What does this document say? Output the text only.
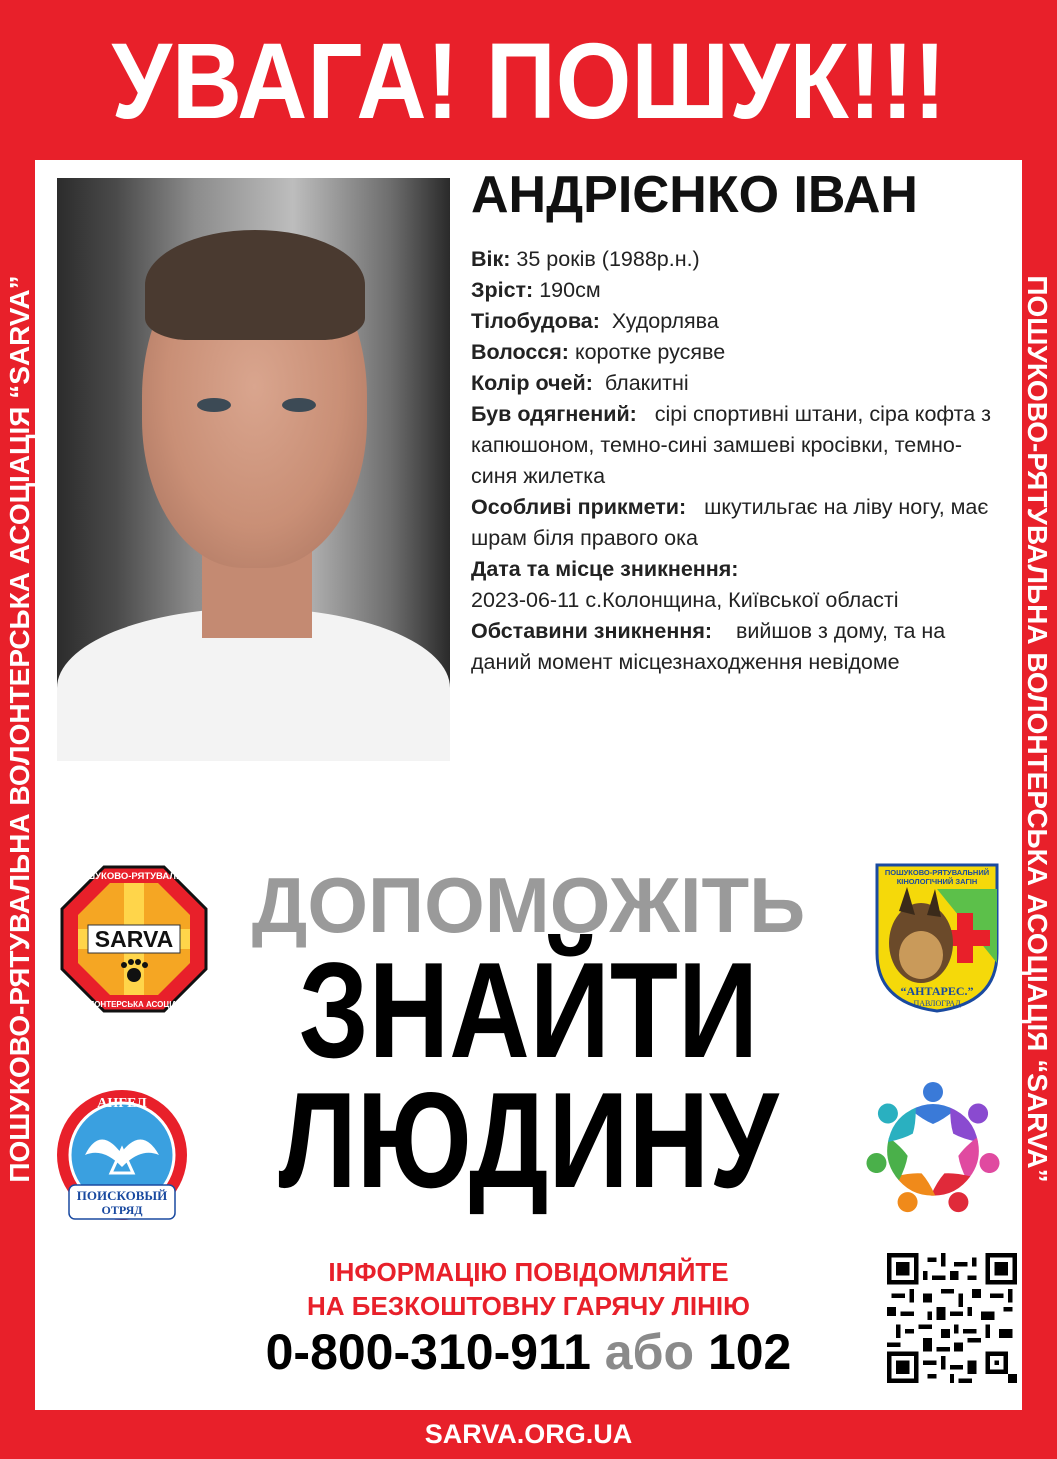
УВАГА! ПОШУК!!!
ПОШУКОВО-РЯТУВАЛЬНА ВОЛОНТЕРСЬКА АСОЦІАЦІЯ “SARVA”	ПОШУКОВО-РЯТУВАЛЬНА ВОЛОНТЕРСЬКА АСОЦІАЦІЯ “SARVA”
АНДРІЄНКО ІВАН

Вік: 35 років (1988р.н.)

Зріст: 190см

Тілобудова: Худорлява

Волосся: коротке русяве

Колір очей: блакитні

Був одягнений: сірі спортивні штани, сіра кофта з капюшоном, темно-сині замшеві кросівки, темно-синя жилетка

Особливі прикмети: шкутильгає на ліву ногу, має шрам біля правого ока

Дата та місце зникнення:
2023-06-11 с.Колонщина, Київської області

Обставини зникнення: вийшов з дому, та на даний момент місцезнаходження невідоме

ДОПОМОЖІТЬ
ЗНАЙТИ
ЛЮДИНУ
SARVA
ПОШУКОВО-РЯТУВАЛЬНА
ВОЛОНТЕРСЬКА АСОЦІАЦІЯ
ПОШУКОВО-РЯТУВАЛЬНИЙ
КІНОЛОГІЧНИЙ ЗАГІН
“АНТАРЕС.”
ПАВЛОГРАД
АНГЕЛ
ПОИСКОВЫЙ
ОТРЯД
ІНФОРМАЦІЮ ПОВІДОМЛЯЙТЕ
НА БЕЗКОШТОВНУ ГАРЯЧУ ЛІНІЮ
0-800-310-911 або 102
SARVA.ORG.UA
